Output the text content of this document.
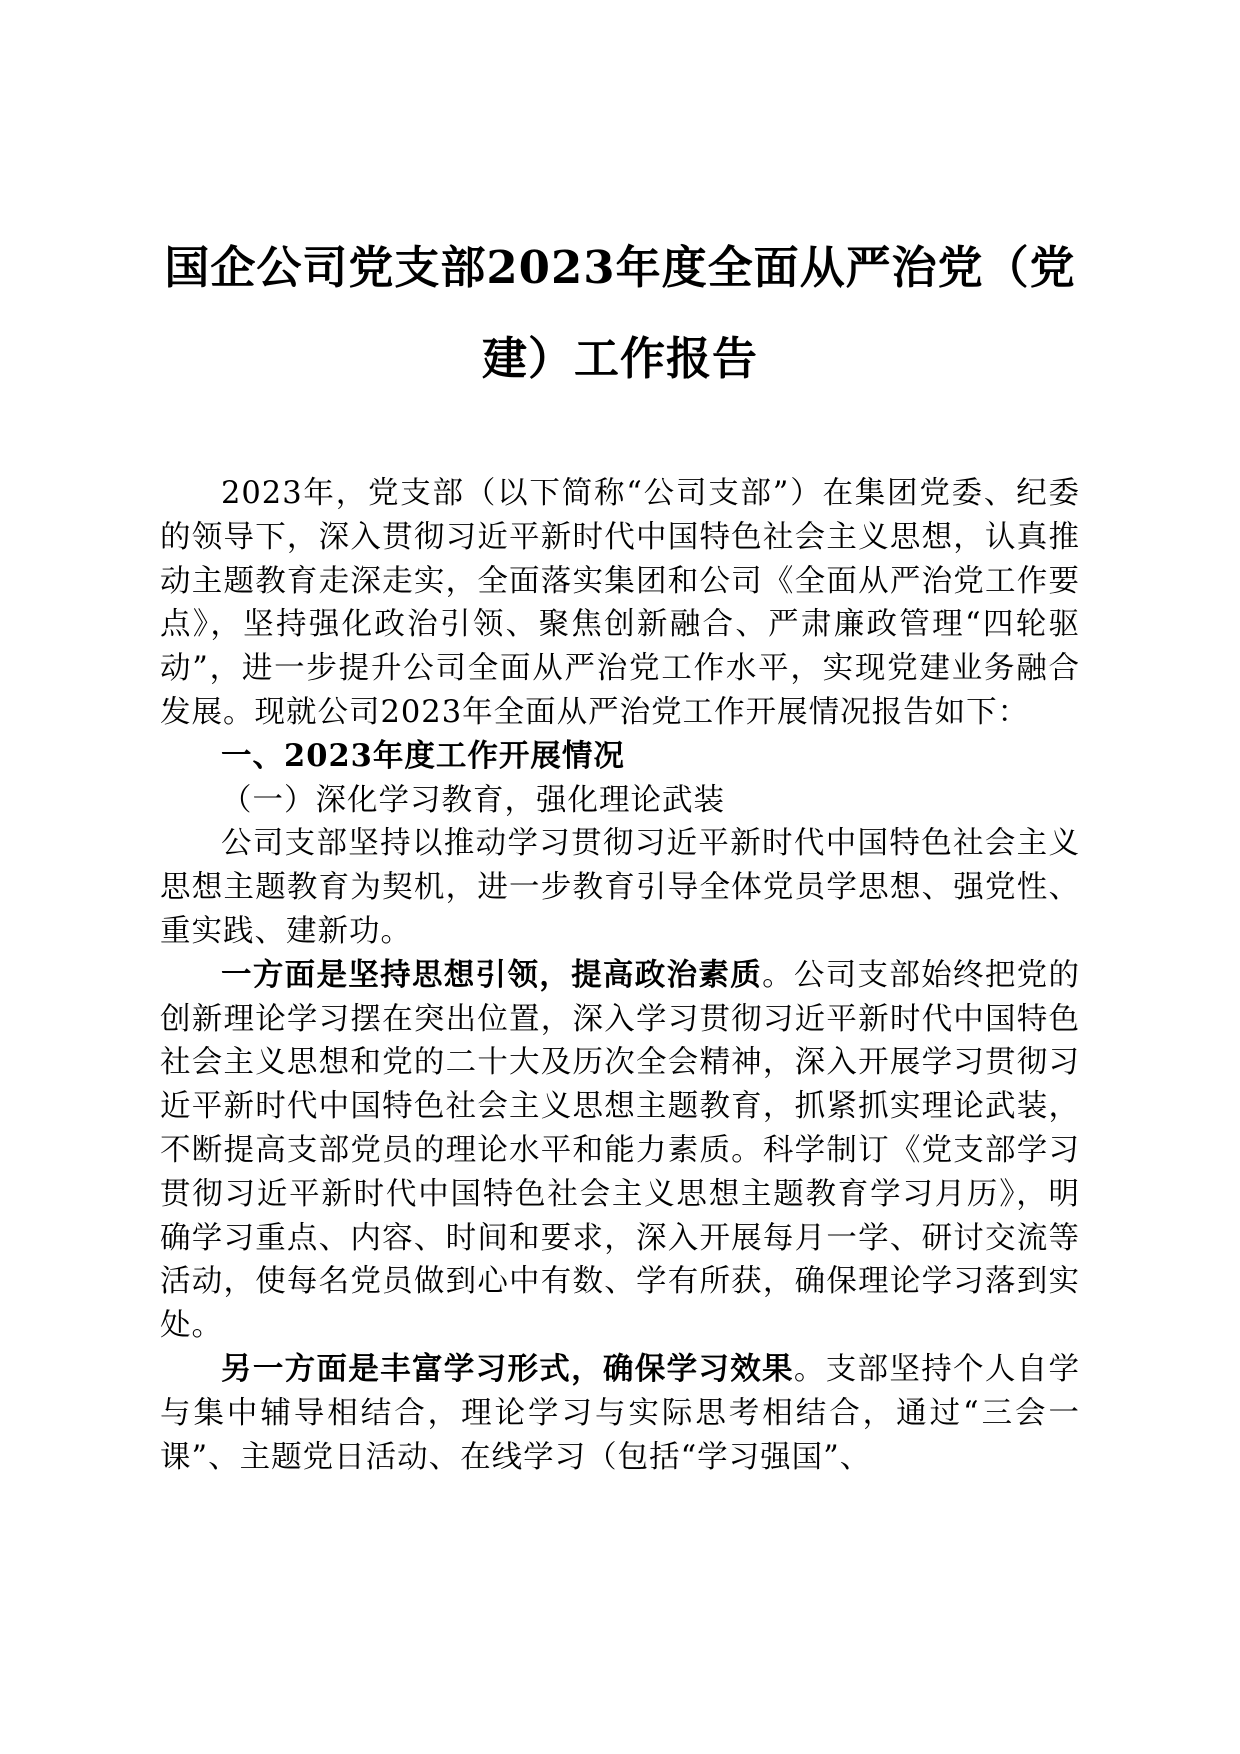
国企公司党支部2023年度全面从严治党（党建）工作报告

2023年，党支部（以下简称“公司支部”）在集团党委、纪委的领导下，深入贯彻习近平新时代中国特色社会主义思想，认真推动主题教育走深走实，全面落实集团和公司《全面从严治党工作要点》，坚持强化政治引领、聚焦创新融合、严肃廉政管理“四轮驱动”，进一步提升公司全面从严治党工作水平，实现党建业务融合发展。现就公司2023年全面从严治党工作开展情况报告如下：

一、2023年度工作开展情况

（一）深化学习教育，强化理论武装

公司支部坚持以推动学习贯彻习近平新时代中国特色社会主义思想主题教育为契机，进一步教育引导全体党员学思想、强党性、重实践、建新功。

一方面是坚持思想引领，提高政治素质。公司支部始终把党的创新理论学习摆在突出位置，深入学习贯彻习近平新时代中国特色社会主义思想和党的二十大及历次全会精神，深入开展学习贯彻习近平新时代中国特色社会主义思想主题教育，抓紧抓实理论武装，不断提高支部党员的理论水平和能力素质。科学制订《党支部学习贯彻习近平新时代中国特色社会主义思想主题教育学习月历》，明确学习重点、内容、时间和要求，深入开展每月一学、研讨交流等活动，使每名党员做到心中有数、学有所获，确保理论学习落到实处。

另一方面是丰富学习形式，确保学习效果。支部坚持个人自学与集中辅导相结合，理论学习与实际思考相结合，通过“三会一课”、主题党日活动、在线学习（包括“学习强国”、
